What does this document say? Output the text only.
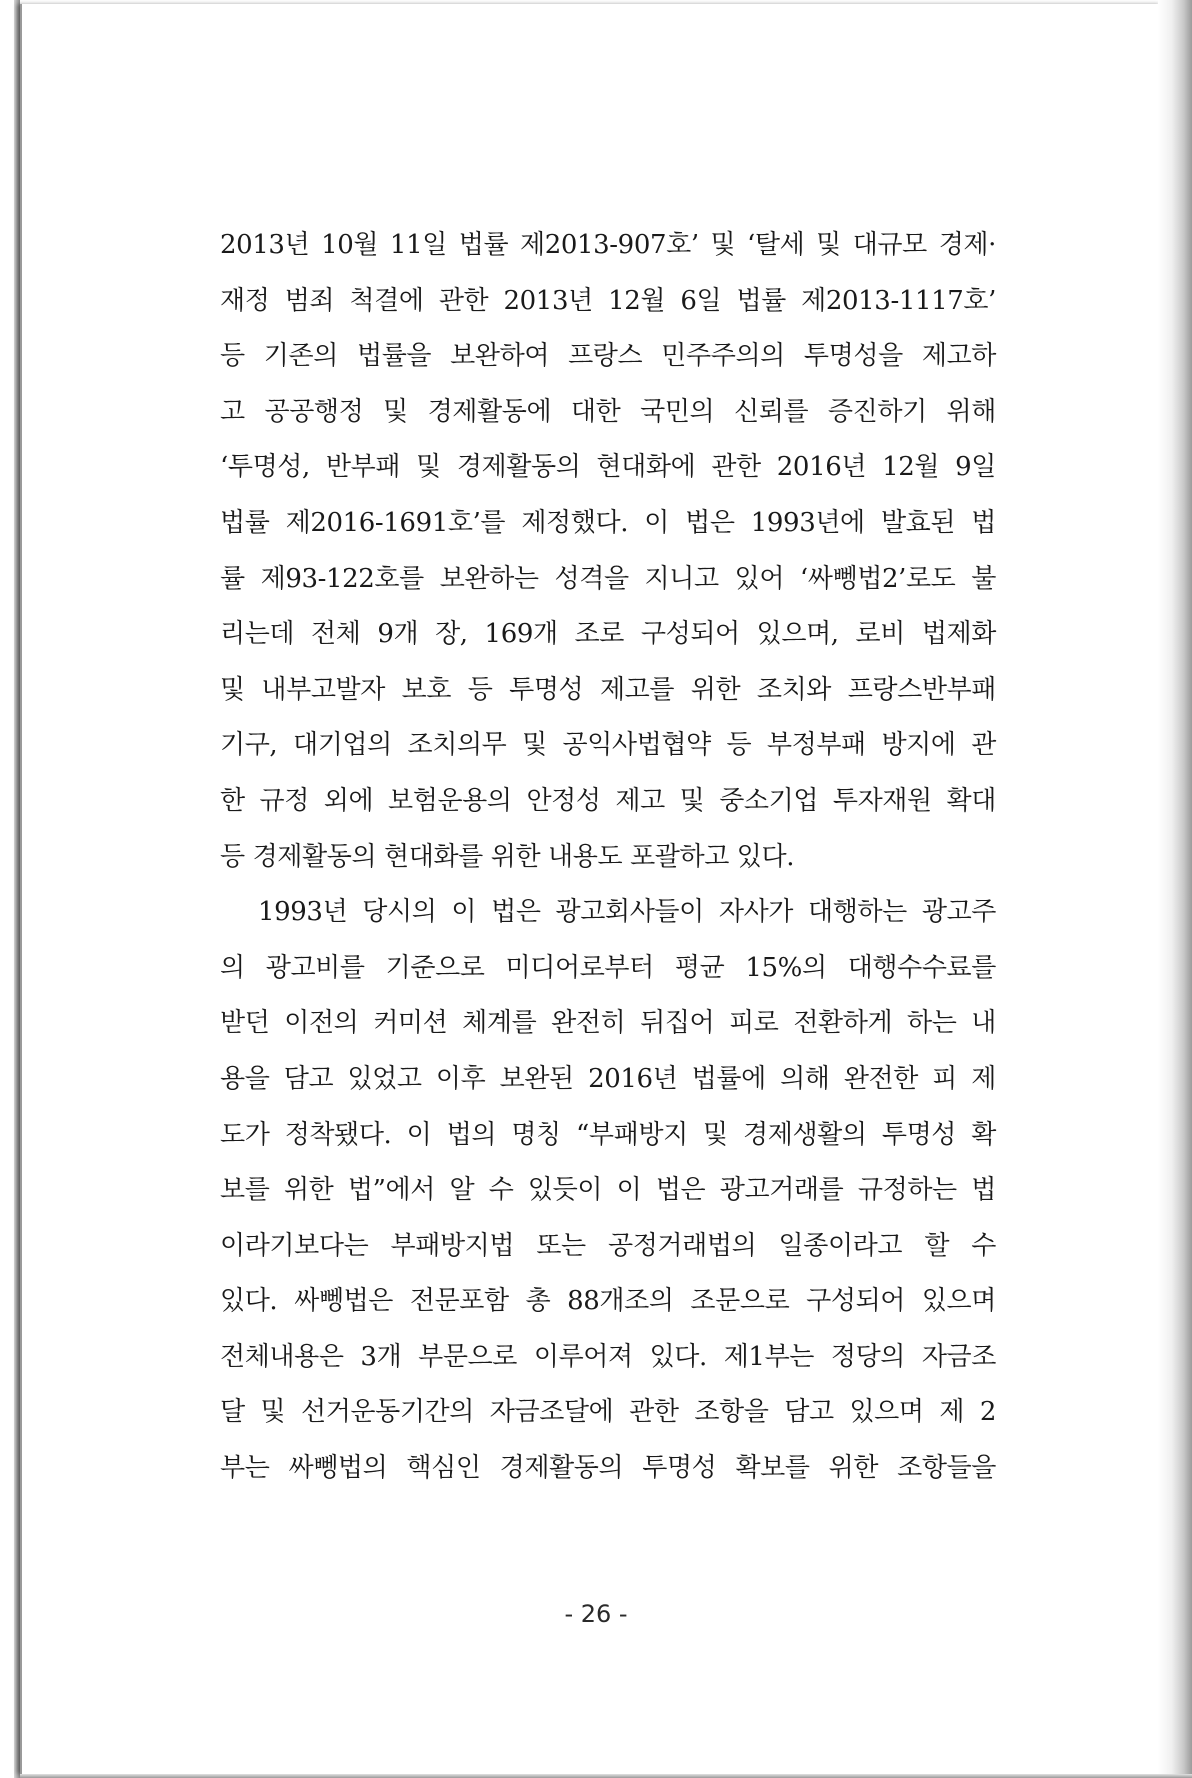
2013년 10월 11일 법률 제2013-907호’ 및 ‘탈세 및 대규모 경제·
재정 범죄 척결에 관한 2013년 12월 6일 법률 제2013-1117호’
등 기존의 법률을 보완하여 프랑스 민주주의의 투명성을 제고하
고 공공행정 및 경제활동에 대한 국민의 신뢰를 증진하기 위해
‘투명성, 반부패 및 경제활동의 현대화에 관한 2016년 12월 9일
법률 제2016-1691호’를 제정했다. 이 법은 1993년에 발효된 법
률 제93-122호를 보완하는 성격을 지니고 있어 ‘싸뼁법2’로도 불
리는데 전체 9개 장, 169개 조로 구성되어 있으며, 로비 법제화
및 내부고발자 보호 등 투명성 제고를 위한 조치와 프랑스반부패
기구, 대기업의 조치의무 및 공익사법협약 등 부정부패 방지에 관
한 규정 외에 보험운용의 안정성 제고 및 중소기업 투자재원 확대
등 경제활동의 현대화를 위한 내용도 포괄하고 있다.
1993년 당시의 이 법은 광고회사들이 자사가 대행하는 광고주
의 광고비를 기준으로 미디어로부터 평균 15%의 대행수수료를
받던 이전의 커미션 체계를 완전히 뒤집어 피로 전환하게 하는 내
용을 담고 있었고 이후 보완된 2016년 법률에 의해 완전한 피 제
도가 정착됐다. 이 법의 명칭 “부패방지 및 경제생활의 투명성 확
보를 위한 법”에서 알 수 있듯이 이 법은 광고거래를 규정하는 법
이라기보다는 부패방지법 또는 공정거래법의 일종이라고 할 수
있다. 싸뼁법은 전문포함 총 88개조의 조문으로 구성되어 있으며
전체내용은 3개 부문으로 이루어져 있다. 제1부는 정당의 자금조
달 및 선거운동기간의 자금조달에 관한 조항을 담고 있으며 제 2
부는 싸뼁법의 핵심인 경제활동의 투명성 확보를 위한 조항들을
- 26 -
